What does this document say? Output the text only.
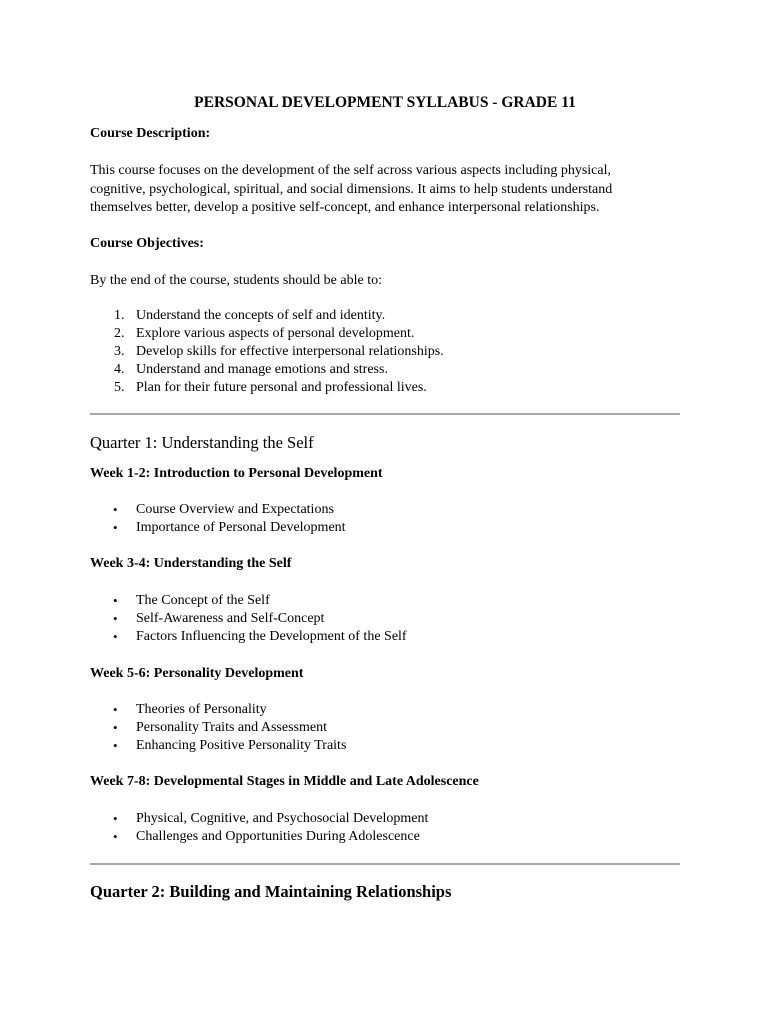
PERSONAL DEVELOPMENT SYLLABUS - GRADE 11
Course Description:
This course focuses on the development of the self across various aspects including physical,
cognitive, psychological, spiritual, and social dimensions. It aims to help students understand
themselves better, develop a positive self-concept, and enhance interpersonal relationships.
Course Objectives:
By the end of the course, students should be able to:
1. Understand the concepts of self and identity.
2. Explore various aspects of personal development.
3. Develop skills for effective interpersonal relationships.
4. Understand and manage emotions and stress.
5. Plan for their future personal and professional lives.
Quarter 1: Understanding the Self
Week 1-2: Introduction to Personal Development
• Course Overview and Expectations
• Importance of Personal Development
Week 3-4: Understanding the Self
• The Concept of the Self
• Self-Awareness and Self-Concept
• Factors Influencing the Development of the Self
Week 5-6: Personality Development
• Theories of Personality
• Personality Traits and Assessment
• Enhancing Positive Personality Traits
Week 7-8: Developmental Stages in Middle and Late Adolescence
• Physical, Cognitive, and Psychosocial Development
• Challenges and Opportunities During Adolescence
Quarter 2: Building and Maintaining Relationships
